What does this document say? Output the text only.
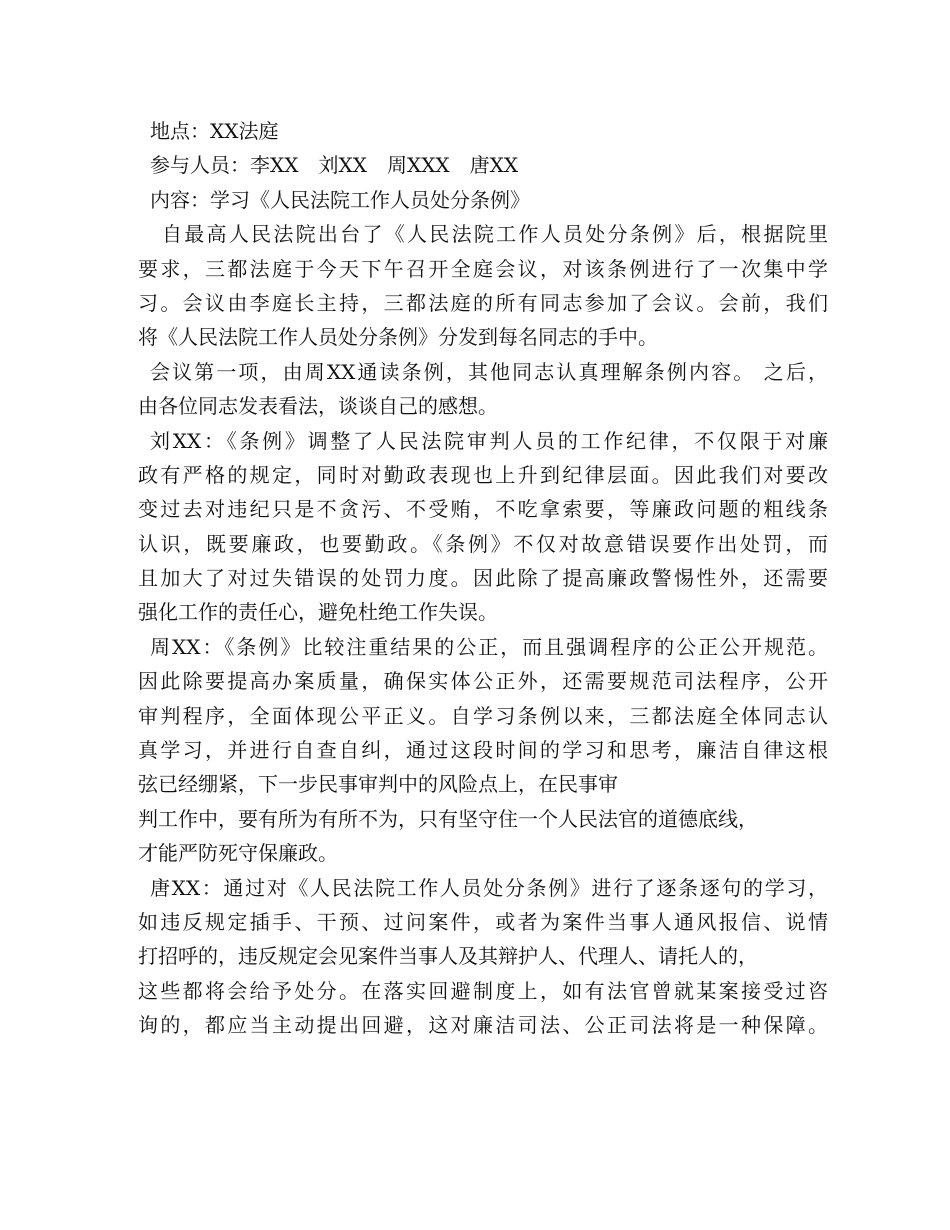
地点：XX法庭
参与人员：李XX　刘XX　周XXX　唐XX
内容：学习《人民法院工作人员处分条例》
自最高人民法院出台了《人民法院工作人员处分条例》后，根据院里
要求，三都法庭于今天下午召开全庭会议，对该条例进行了一次集中学
习。会议由李庭长主持，三都法庭的所有同志参加了会议。会前，我们
将《人民法院工作人员处分条例》分发到每名同志的手中。
会议第一项，由周XX通读条例，其他同志认真理解条例内容。 之后，
由各位同志发表看法，谈谈自己的感想。
刘XX：《条例》调整了人民法院审判人员的工作纪律，不仅限于对廉
政有严格的规定，同时对勤政表现也上升到纪律层面。因此我们对要改
变过去对违纪只是不贪污、不受贿，不吃拿索要，等廉政问题的粗线条
认识，既要廉政，也要勤政。《条例》不仅对故意错误要作出处罚，而
且加大了对过失错误的处罚力度。因此除了提高廉政警惕性外，还需要
强化工作的责任心，避免杜绝工作失误。
周XX：《条例》比较注重结果的公正，而且强调程序的公正公开规范。
因此除要提高办案质量，确保实体公正外，还需要规范司法程序，公开
审判程序，全面体现公平正义。自学习条例以来，三都法庭全体同志认
真学习，并进行自查自纠，通过这段时间的学习和思考，廉洁自律这根
弦已经绷紧，下一步民事审判中的风险点上，在民事审
判工作中，要有所为有所不为，只有坚守住一个人民法官的道德底线，
才能严防死守保廉政。
唐XX：通过对《人民法院工作人员处分条例》进行了逐条逐句的学习，
如违反规定插手、干预、过问案件，或者为案件当事人通风报信、说情
打招呼的，违反规定会见案件当事人及其辩护人、代理人、请托人的，
这些都将会给予处分。在落实回避制度上，如有法官曾就某案接受过咨
询的，都应当主动提出回避，这对廉洁司法、公正司法将是一种保障。
